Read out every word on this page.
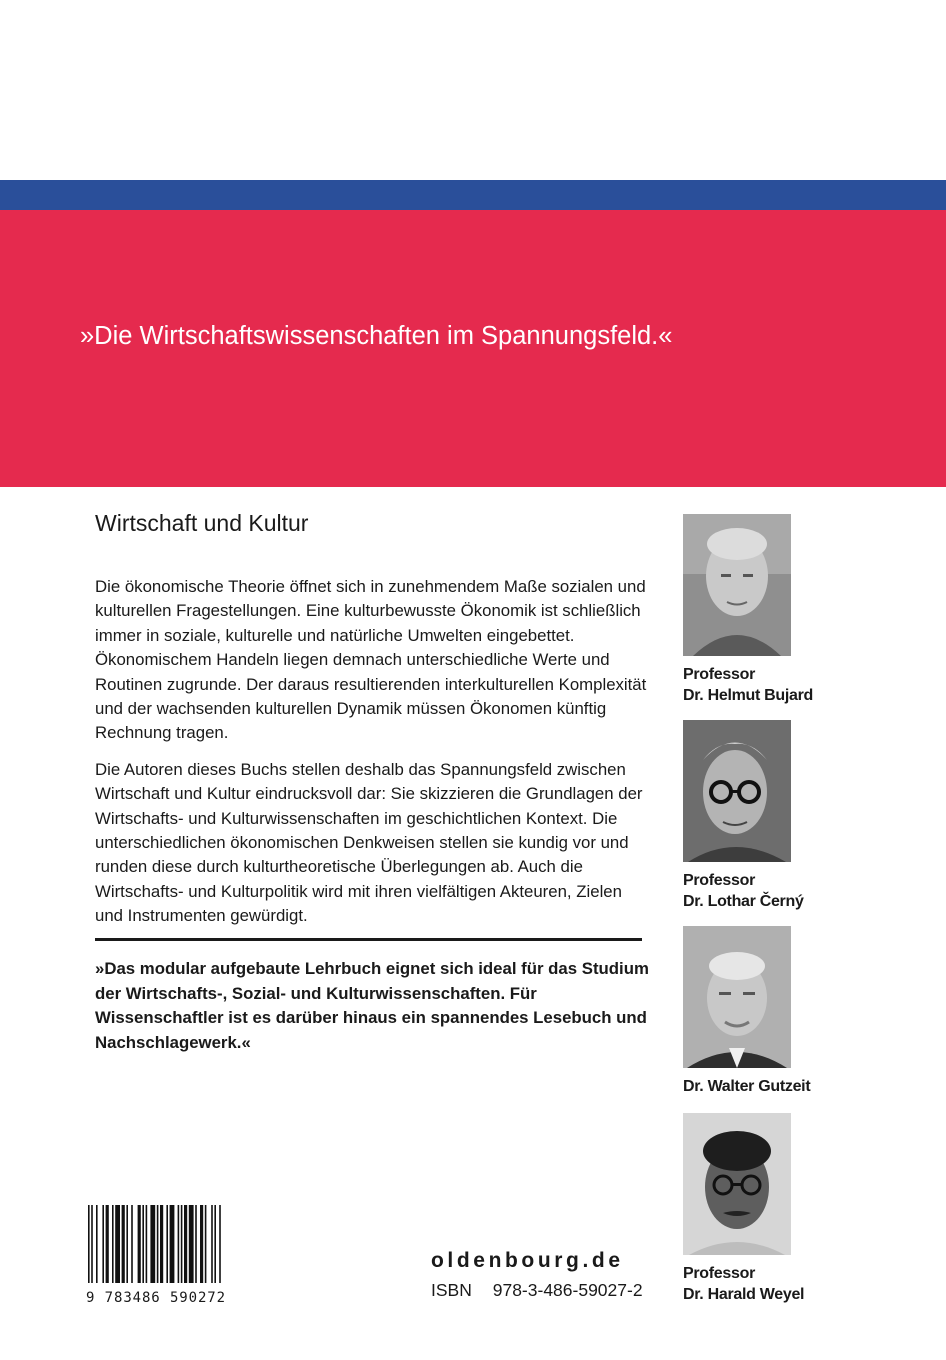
»Die Wirtschaftswissenschaften im Spannungsfeld.«

Wirtschaft und Kultur

Die ökonomische Theorie öffnet sich in zunehmendem Maße sozialen und kulturellen Fragestellungen. Eine kulturbewusste Ökonomik ist schließlich immer in soziale, kulturelle und natürliche Umwelten eingebettet. Ökonomischem Handeln liegen demnach unterschiedliche Werte und Routinen zugrunde. Der daraus resultierenden interkulturellen Komplexität und der wachsenden kulturellen Dynamik müssen Ökonomen künftig Rechnung tragen.

Die Autoren dieses Buchs stellen deshalb das Spannungsfeld zwischen Wirtschaft und Kultur eindrucksvoll dar: Sie skizzieren die Grundlagen der Wirtschafts- und Kulturwissenschaften im geschichtlichen Kontext. Die unterschiedlichen ökonomischen Denkweisen stellen sie kundig vor und runden diese durch kulturtheoretische Überlegungen ab. Auch die Wirtschafts- und Kulturpolitik wird mit ihren vielfältigen Akteuren, Zielen und Instrumenten gewürdigt.

»Das modular aufgebaute Lehrbuch eignet sich ideal für das Studium der Wirtschafts-, Sozial- und Kulturwissenschaften. Für Wissenschaftler ist es darüber hinaus ein spannendes Lesebuch und Nachschlagewerk.«

Professor
Dr. Helmut Bujard
Professor
Dr. Lothar Černý
Dr. Walter Gutzeit
Professor
Dr. Harald Weyel
9 783486 590272

oldenbourg.de

ISBN 978-3-486-59027-2
